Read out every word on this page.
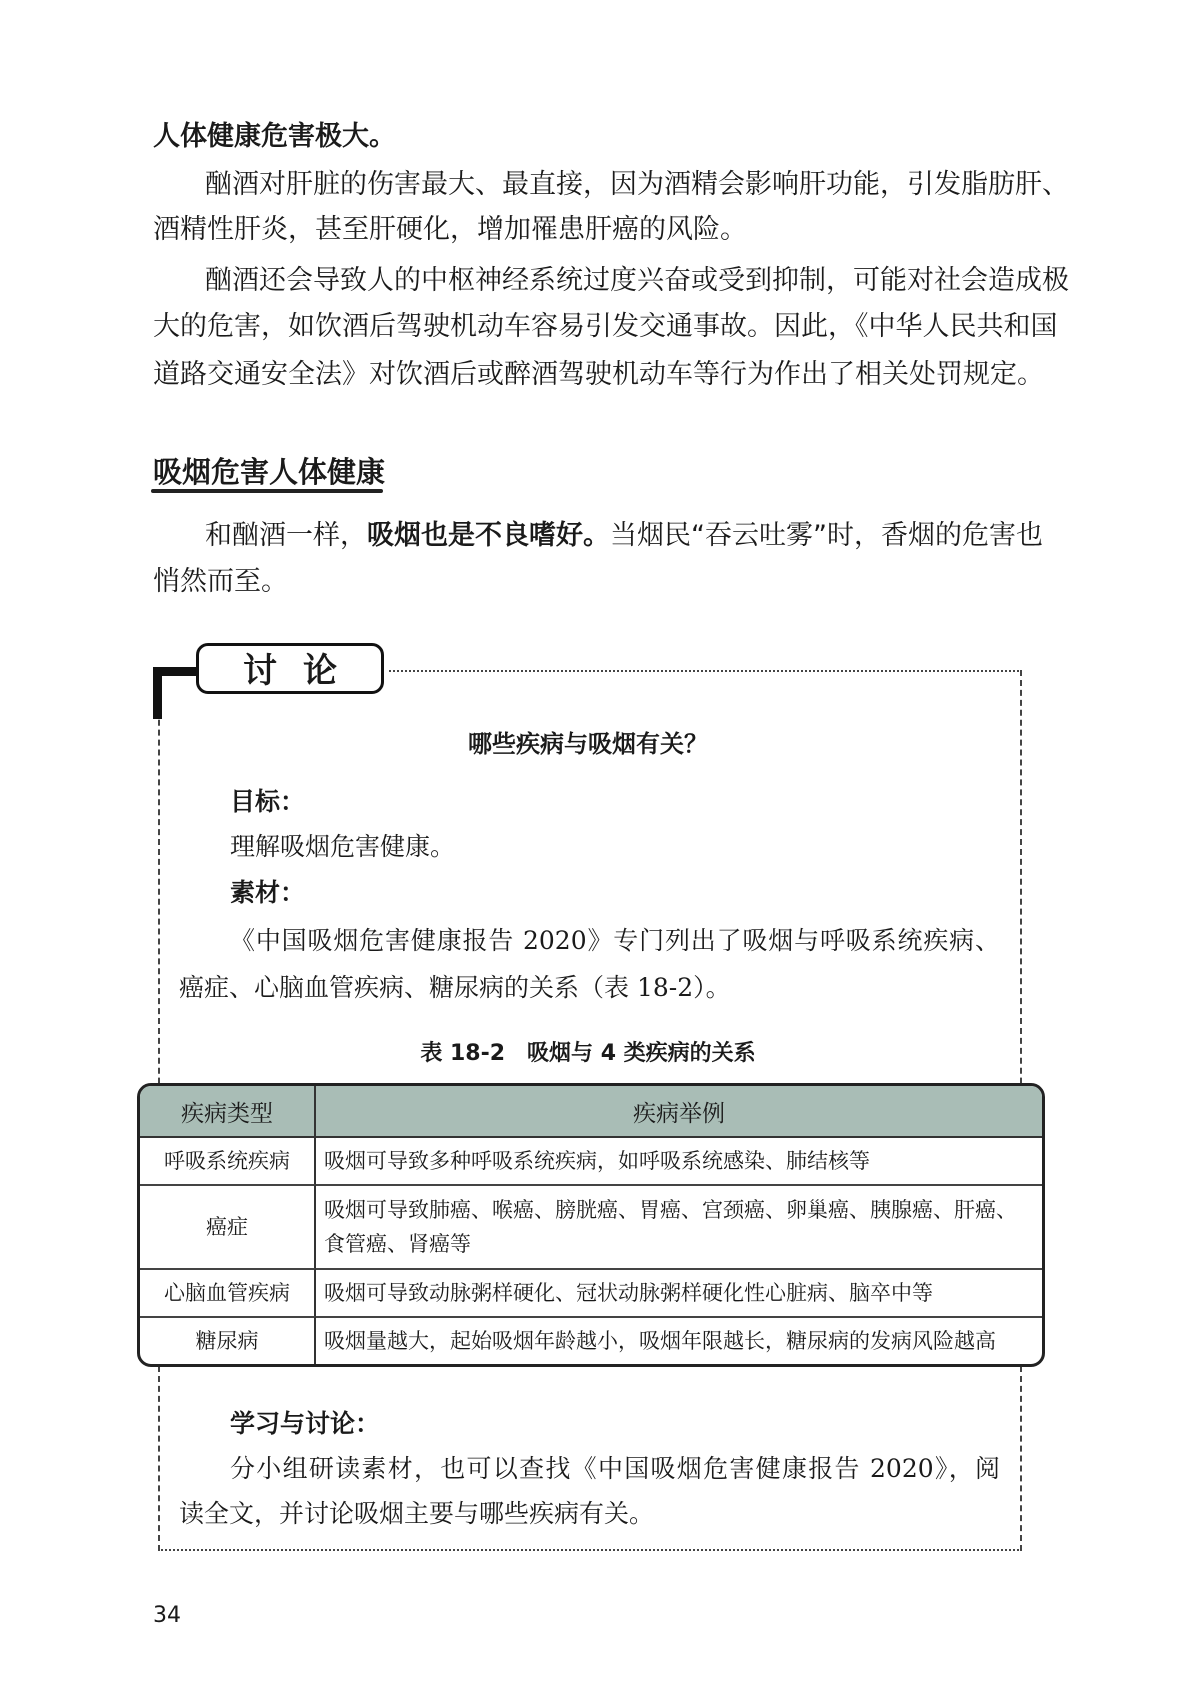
人体健康危害极大。
酗酒对肝脏的伤害最大、最直接，因为酒精会影响肝功能，引发脂肪肝、
酒精性肝炎，甚至肝硬化，增加罹患肝癌的风险。
酗酒还会导致人的中枢神经系统过度兴奋或受到抑制，可能对社会造成极
大的危害，如饮酒后驾驶机动车容易引发交通事故。因此，《中华人民共和国
道路交通安全法》对饮酒后或醉酒驾驶机动车等行为作出了相关处罚规定。
吸烟危害人体健康
和酗酒一样，吸烟也是不良嗜好。当烟民“吞云吐雾”时，香烟的危害也
悄然而至。
讨论
哪些疾病与吸烟有关？
目标：
理解吸烟危害健康。
素材：
《中国吸烟危害健康报告 2020》专门列出了吸烟与呼吸系统疾病、
癌症、心脑血管疾病、糖尿病的关系（表 18-2）。
表 18-2　吸烟与 4 类疾病的关系
疾病类型	疾病举例
呼吸系统疾病	吸烟可导致多种呼吸系统疾病，如呼吸系统感染、肺结核等
癌症	吸烟可导致肺癌、喉癌、膀胱癌、胃癌、宫颈癌、卵巢癌、胰腺癌、肝癌、食管癌、肾癌等
心脑血管疾病	吸烟可导致动脉粥样硬化、冠状动脉粥样硬化性心脏病、脑卒中等
糖尿病	吸烟量越大，起始吸烟年龄越小，吸烟年限越长，糖尿病的发病风险越高
学习与讨论：
分小组研读素材，也可以查找《中国吸烟危害健康报告 2020》，阅
读全文，并讨论吸烟主要与哪些疾病有关。
34
